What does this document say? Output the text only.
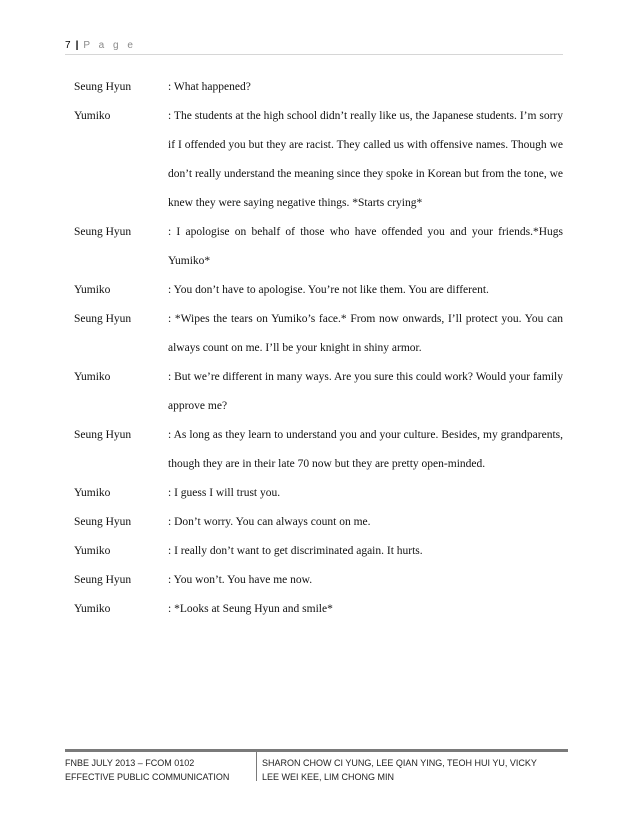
7 | P a g e
Seung Hyun	: What happened?
Yumiko	: The students at the high school didn’t really like us, the Japanese students. I’m sorry if I offended you but they are racist. They called us with offensive names. Though we don’t really understand the meaning since they spoke in Korean but from the tone, we knew they were saying negative things. *Starts crying*
Seung Hyun	: I apologise on behalf of those who have offended you and your friends.*Hugs Yumiko*
Yumiko	: You don’t have to apologise. You’re not like them. You are different.
Seung Hyun	: *Wipes the tears on Yumiko’s face.* From now onwards, I’ll protect you. You can always count on me. I’ll be your knight in shiny armor.
Yumiko	: But we’re different in many ways. Are you sure this could work? Would your family approve me?
Seung Hyun	: As long as they learn to understand you and your culture. Besides, my grandparents, though they are in their late 70 now but they are pretty open-minded.
Yumiko	: I guess I will trust you.
Seung Hyun	: Don’t worry. You can always count on me.
Yumiko	: I really don’t want to get discriminated again. It hurts.
Seung Hyun	: You won’t. You have me now.
Yumiko	: *Looks at Seung Hyun and smile*
FNBE JULY 2013 – FCOM 0102
EFFECTIVE PUBLIC COMMUNICATION
SHARON CHOW CI YUNG, LEE QIAN YING, TEOH HUI YU, VICKY
LEE WEI KEE, LIM CHONG MIN
